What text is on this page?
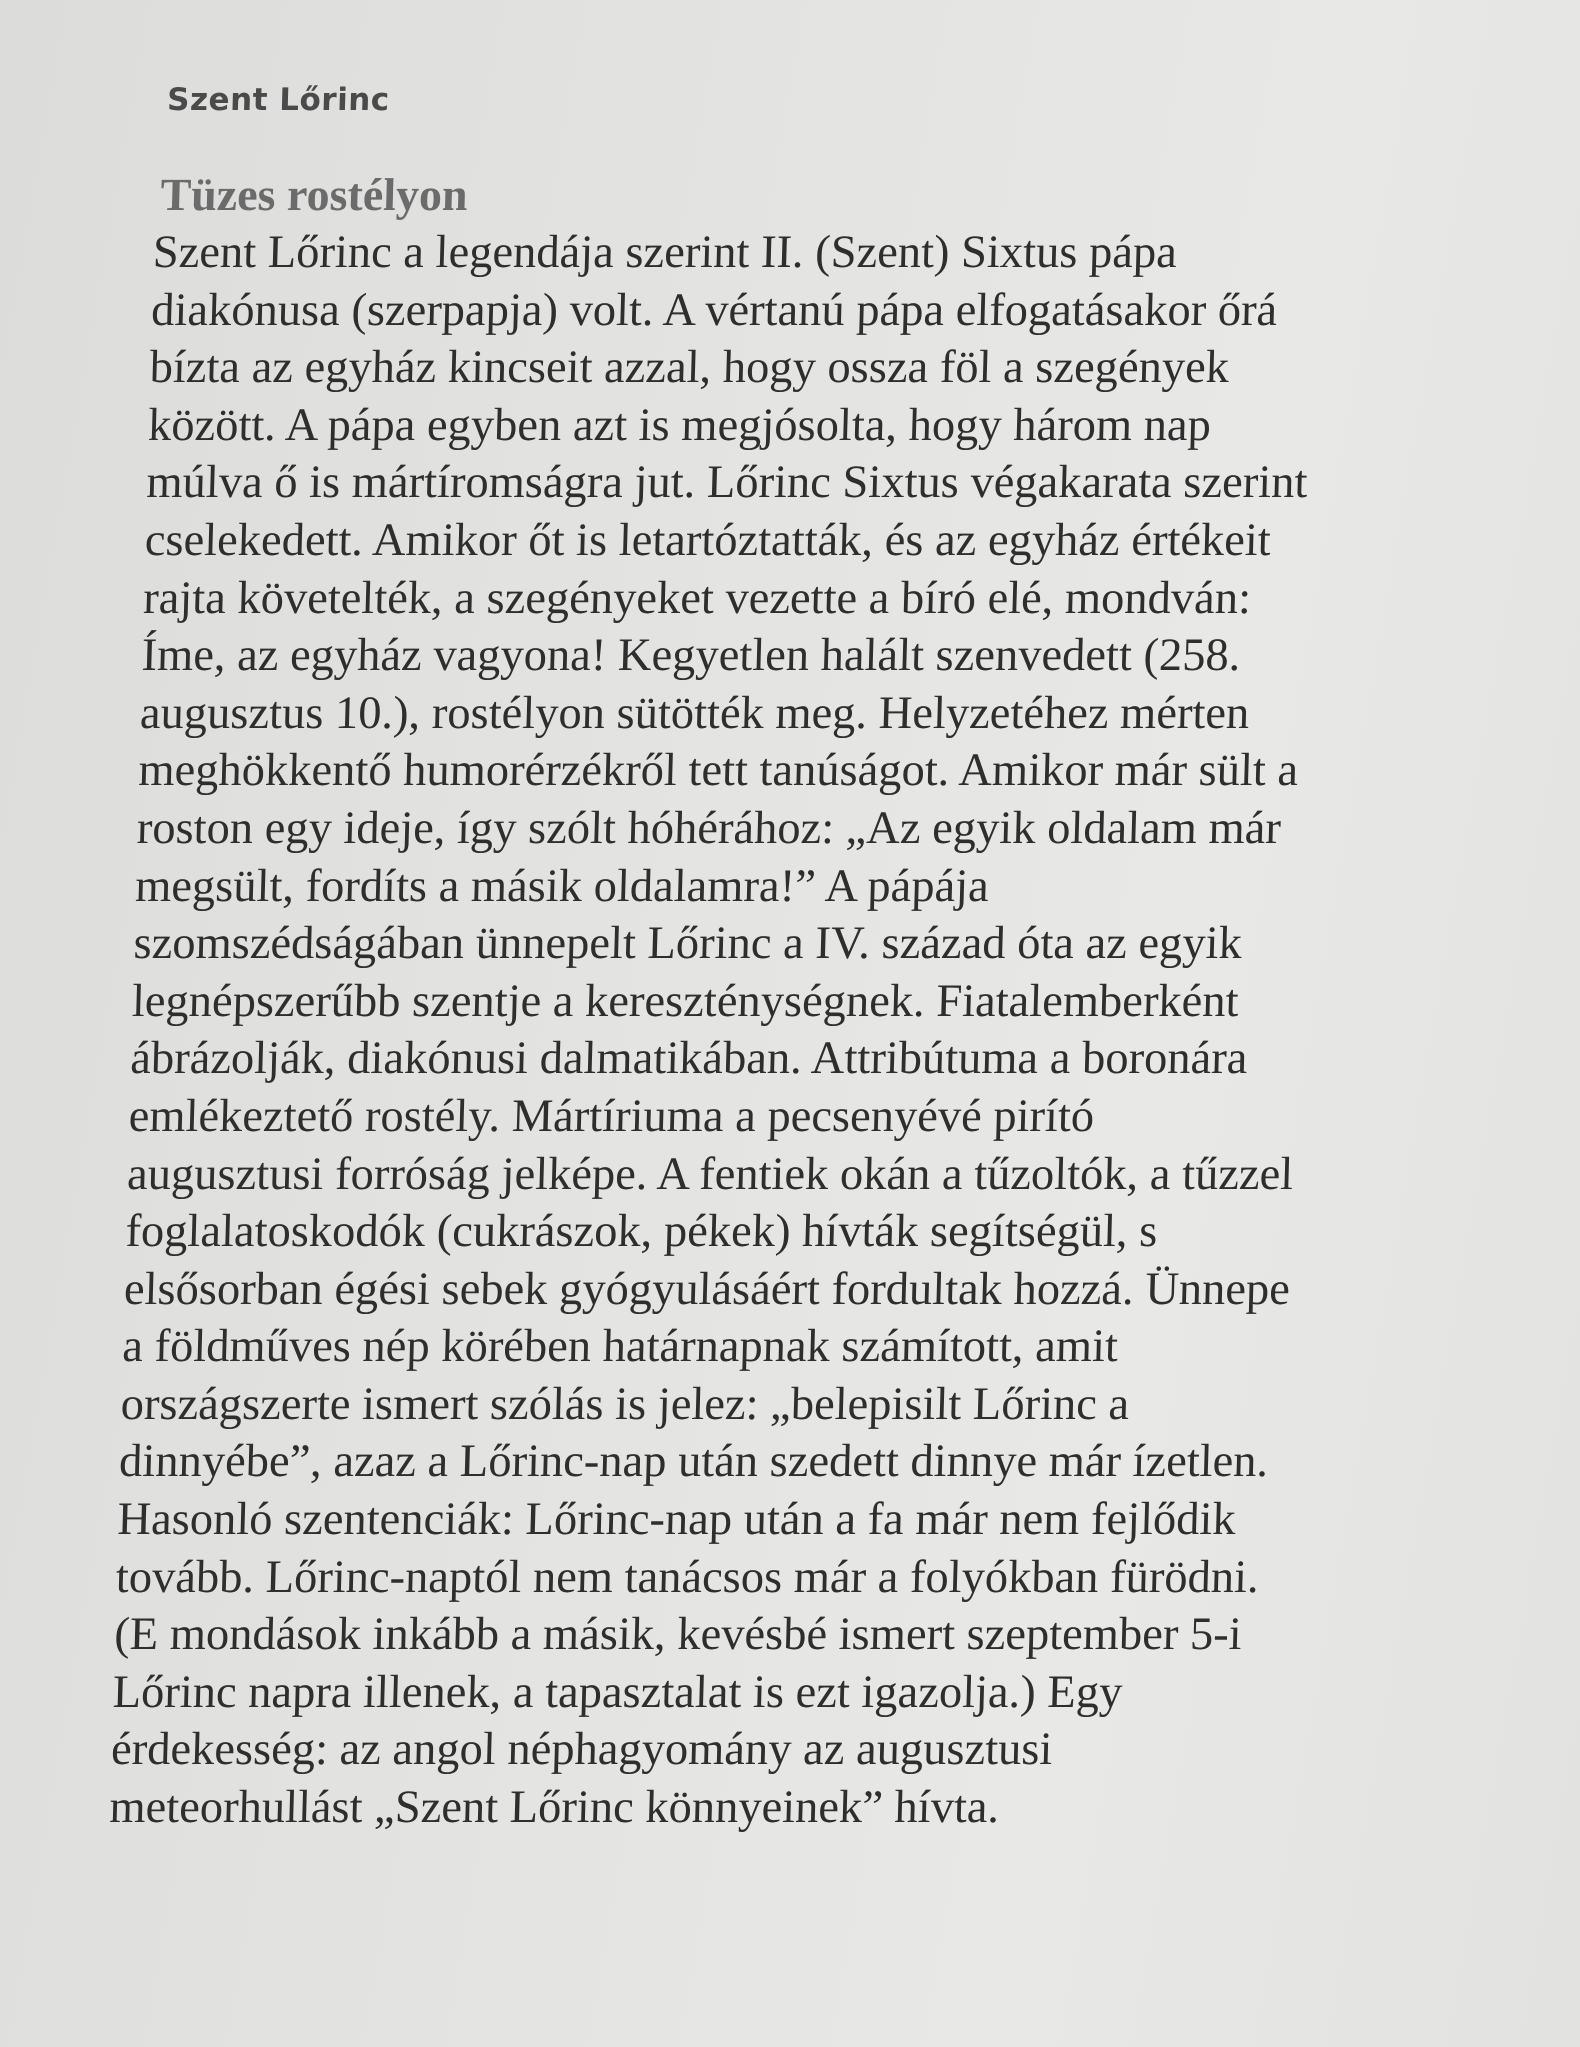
Szent Lőrinc
Tüzes rostélyon
Szent Lőrinc a legendája szerint II. (Szent) Sixtus pápa
diakónusa (szerpapja) volt. A vértanú pápa elfogatásakor őrá
bízta az egyház kincseit azzal, hogy ossza föl a szegények
között. A pápa egyben azt is megjósolta, hogy három nap
múlva ő is mártíromságra jut. Lőrinc Sixtus végakarata szerint
cselekedett. Amikor őt is letartóztatták, és az egyház értékeit
rajta követelték, a szegényeket vezette a bíró elé, mondván:
Íme, az egyház vagyona! Kegyetlen halált szenvedett (258.
augusztus 10.), rostélyon sütötték meg. Helyzetéhez mérten
meghökkentő humorérzékről tett tanúságot. Amikor már sült a
roston egy ideje, így szólt hóhérához: „Az egyik oldalam már
megsült, fordíts a másik oldalamra!” A pápája
szomszédságában ünnepelt Lőrinc a IV. század óta az egyik
legnépszerűbb szentje a kereszténységnek. Fiatalemberként
ábrázolják, diakónusi dalmatikában. Attribútuma a boronára
emlékeztető rostély. Mártíriuma a pecsenyévé pirító
augusztusi forróság jelképe. A fentiek okán a tűzoltók, a tűzzel
foglalatoskodók (cukrászok, pékek) hívták segítségül, s
elsősorban égési sebek gyógyulásáért fordultak hozzá. Ünnepe
a földműves nép körében határnapnak számított, amit
országszerte ismert szólás is jelez: „belepisilt Lőrinc a
dinnyébe”, azaz a Lőrinc-nap után szedett dinnye már ízetlen.
Hasonló szentenciák: Lőrinc-nap után a fa már nem fejlődik
tovább. Lőrinc-naptól nem tanácsos már a folyókban fürödni.
(E mondások inkább a másik, kevésbé ismert szeptember 5-i
Lőrinc napra illenek, a tapasztalat is ezt igazolja.) Egy
érdekesség: az angol néphagyomány az augusztusi
meteorhullást „Szent Lőrinc könnyeinek” hívta.
